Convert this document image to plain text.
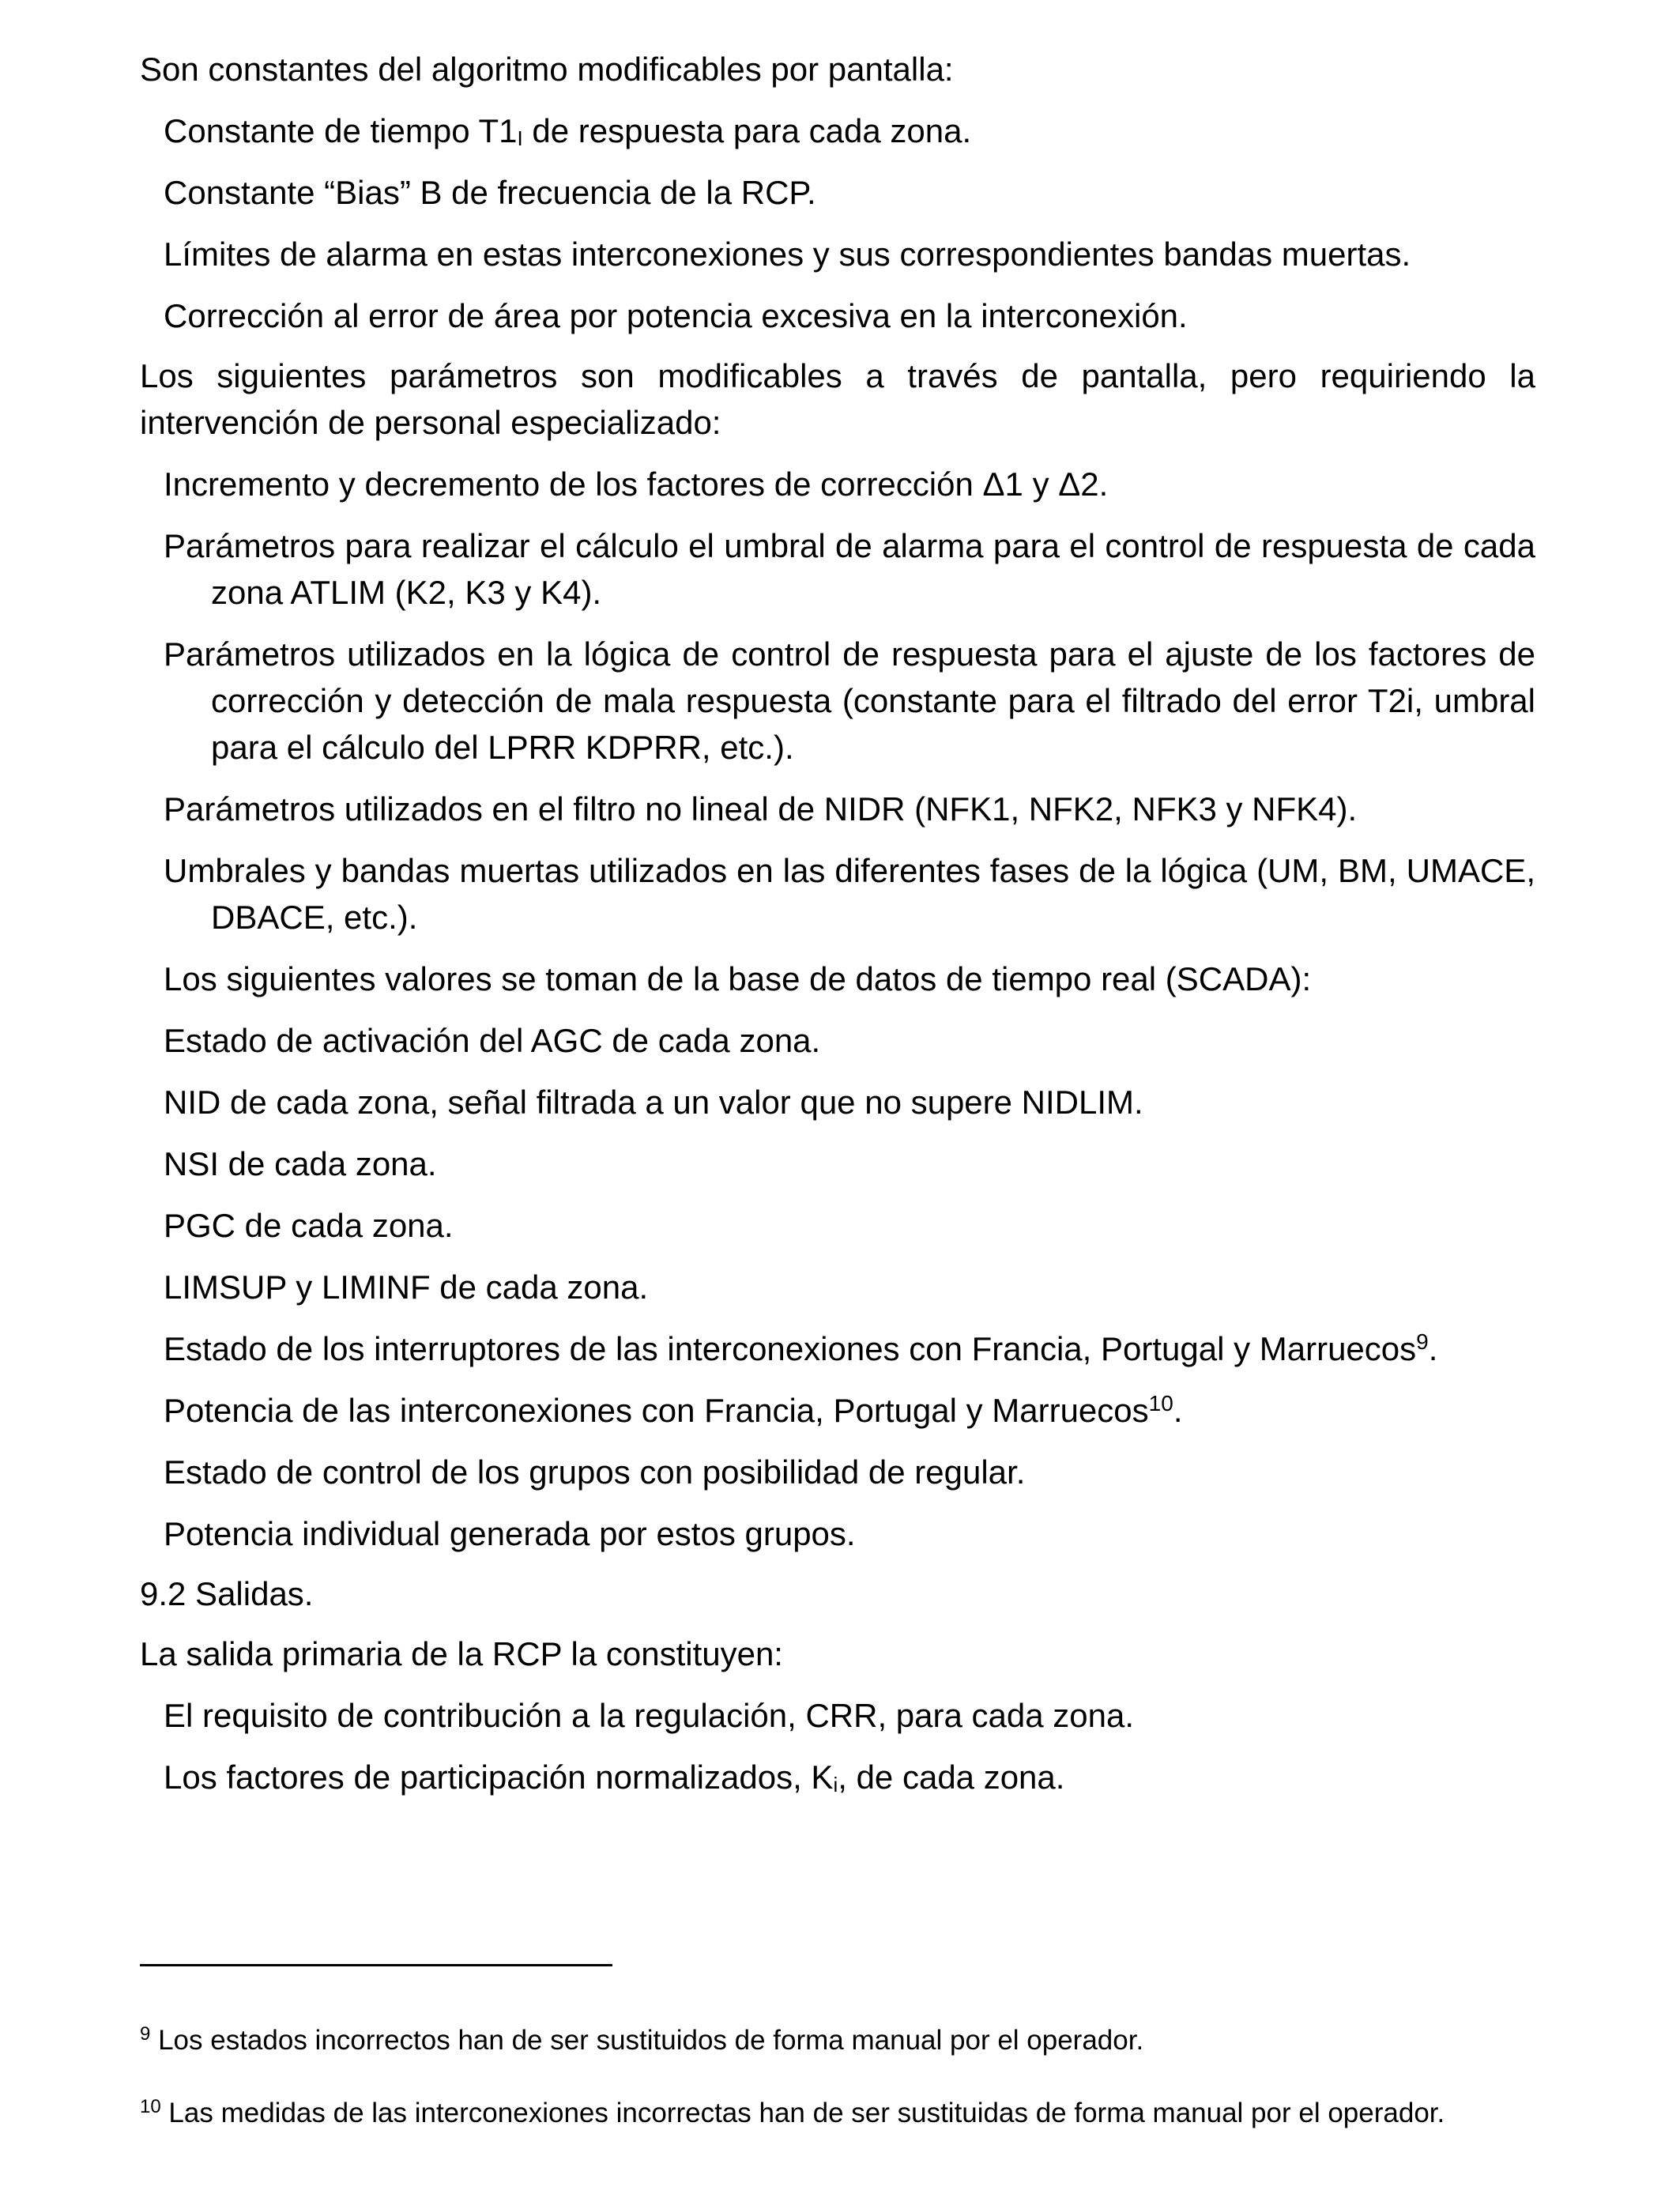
Son constantes del algoritmo modificables por pantalla:

Constante de tiempo $T1_I$ de respuesta para cada zona.

Constante “Bias” B de frecuencia de la RCP.

Límites de alarma en estas interconexiones y sus correspondientes bandas muertas.

Corrección al error de área por potencia excesiva en la interconexión.

Los siguientes parámetros son modificables a través de pantalla, pero requiriendo la intervención de personal especializado:

Incremento y decremento de los factores de corrección Δ1 y Δ2.

Parámetros para realizar el cálculo el umbral de alarma para el control de respuesta de cada zona ATLIM (K2, K3 y K4).

Parámetros utilizados en la lógica de control de respuesta para el ajuste de los factores de corrección y detección de mala respuesta (constante para el filtrado del error T2i, umbral para el cálculo del LPRR KDPRR, etc.).

Parámetros utilizados en el filtro no lineal de NIDR (NFK1, NFK2, NFK3 y NFK4).

Umbrales y bandas muertas utilizados en las diferentes fases de la lógica (UM, BM, UMACE, DBACE, etc.).

Los siguientes valores se toman de la base de datos de tiempo real (SCADA):

Estado de activación del AGC de cada zona.

NID de cada zona, señal filtrada a un valor que no supere NIDLIM.

NSI de cada zona.

PGC de cada zona.

LIMSUP y LIMINF de cada zona.

Estado de los interruptores de las interconexiones con Francia, Portugal y Marruecos$^9$.

Potencia de las interconexiones con Francia, Portugal y Marruecos$^{10}$.

Estado de control de los grupos con posibilidad de regular.

Potencia individual generada por estos grupos.

9.2 Salidas.

La salida primaria de la RCP la constituyen:

El requisito de contribución a la regulación, CRR, para cada zona.

Los factores de participación normalizados, $K_i$, de cada zona.

$^9$ Los estados incorrectos han de ser sustituidos de forma manual por el operador.

$^{10}$ Las medidas de las interconexiones incorrectas han de ser sustituidas de forma manual por el operador.
